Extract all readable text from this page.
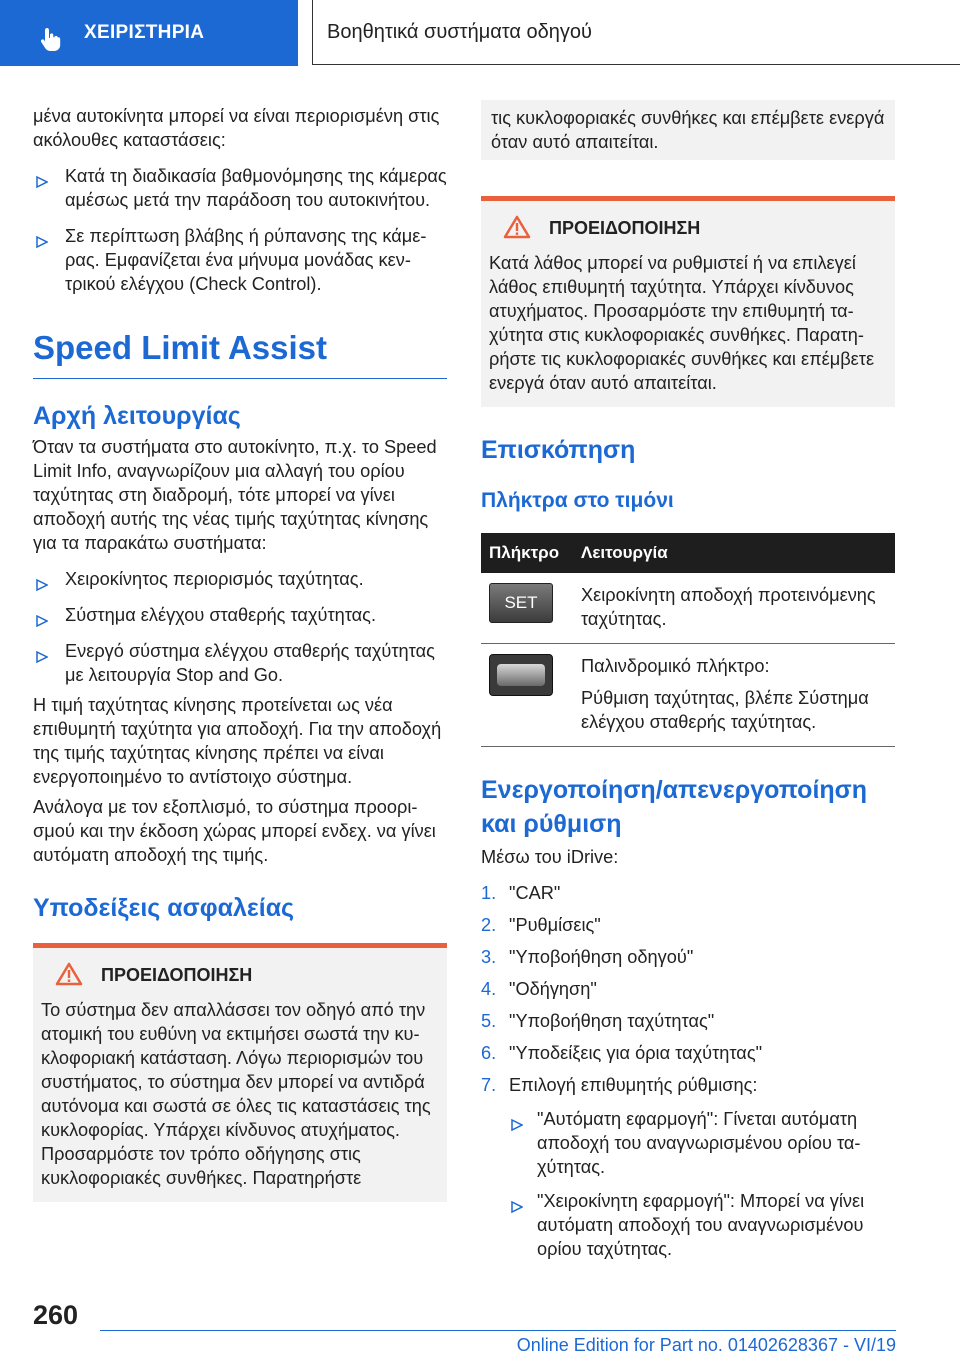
ΧΕΙΡΙΣΤΗΡΙΑ	Βοηθητικά συστήματα οδηγού

μένα αυτοκίνητα μπορεί να είναι περιορισμένη στις ακόλουθες καταστάσεις:

Κατά τη διαδικασία βαθμονόμησης της κάμερας αμέσως μετά την παράδοση του αυτοκινήτου.
Σε περίπτωση βλάβης ή ρύπανσης της κάμερας. Εμφανίζεται ένα μήνυμα μονάδας κεντρικού ελέγχου (Check Control).
Speed Limit Assist
Αρχή λειτουργίας

Όταν τα συστήματα στο αυτοκίνητο, π.χ. το Speed Limit Info, αναγνωρίζουν μια αλλαγή του ορίου ταχύτητας στη διαδρομή, τότε μπορεί να γίνει αποδοχή αυτής της νέας τιμής ταχύτητας κίνησης για τα παρακάτω συστήματα:

Χειροκίνητος περιορισμός ταχύτητας.
Σύστημα ελέγχου σταθερής ταχύτητας.
Ενεργό σύστημα ελέγχου σταθερής ταχύτητας με λειτουργία Stop and Go.

Η τιμή ταχύτητας κίνησης προτείνεται ως νέα επιθυμητή ταχύτητα για αποδοχή. Για την αποδοχή της τιμής ταχύτητας κίνησης πρέπει να είναι ενεργοποιημένο το αντίστοιχο σύστημα.

Ανάλογα με τον εξοπλισμό, το σύστημα προορισμού και την έκδοση χώρας μπορεί ενδεχ. να γίνει αυτόματη αποδοχή της τιμής.

Υποδείξεις ασφαλείας
ΠΡΟΕΙΔΟΠΟΙΗΣΗ

Το σύστημα δεν απαλλάσσει τον οδηγό από την ατομική του ευθύνη να εκτιμήσει σωστά την κυκλοφοριακή κατάσταση. Λόγω περιορισμών του συστήματος, το σύστημα δεν μπορεί να αντιδρά αυτόνομα και σωστά σε όλες τις καταστάσεις της κυκλοφορίας. Υπάρχει κίνδυνος ατυχήματος. Προσαρμόστε τον τρόπο οδήγησης στις κυκλοφοριακές συνθήκες. Παρατηρήστε

τις κυκλοφοριακές συνθήκες και επέμβετε ενεργά όταν αυτό απαιτείται.

ΠΡΟΕΙΔΟΠΟΙΗΣΗ

Κατά λάθος μπορεί να ρυθμιστεί ή να επιλεγεί λάθος επιθυμητή ταχύτητα. Υπάρχει κίνδυνος ατυχήματος. Προσαρμόστε την επιθυμητή ταχύτητα στις κυκλοφοριακές συνθήκες. Παρατηρήστε τις κυκλοφοριακές συνθήκες και επέμβετε ενεργά όταν αυτό απαιτείται.

Επισκόπηση
Πλήκτρα στο τιμόνι
Πλήκτρο	Λειτουργία

SET	Χειροκίνητη αποδοχή προτεινόμενης ταχύτητας.

	Παλινδρομικό πλήκτρο:
Ρύθμιση ταχύτητας, βλέπε Σύστημα ελέγχου σταθερής ταχύτητας.
Ενεργοποίηση/απενεργοποίηση και ρύθμιση

Μέσω του iDrive:

1. "CAR"
2. "Ρυθμίσεις"
3. "Υποβοήθηση οδηγού"
4. "Οδήγηση"
5. "Υποβοήθηση ταχύτητας"
6. "Υποδείξεις για όρια ταχύτητας"
7. Επιλογή επιθυμητής ρύθμισης:
"Αυτόματη εφαρμογή": Γίνεται αυτόματη αποδοχή του αναγνωρισμένου ορίου ταχύτητας.
"Χειροκίνητη εφαρμογή": Μπορεί να γίνει αυτόματη αποδοχή του αναγνωρισμένου ορίου ταχύτητας.
260
Online Edition for Part no. 01402628367 - VI/19
